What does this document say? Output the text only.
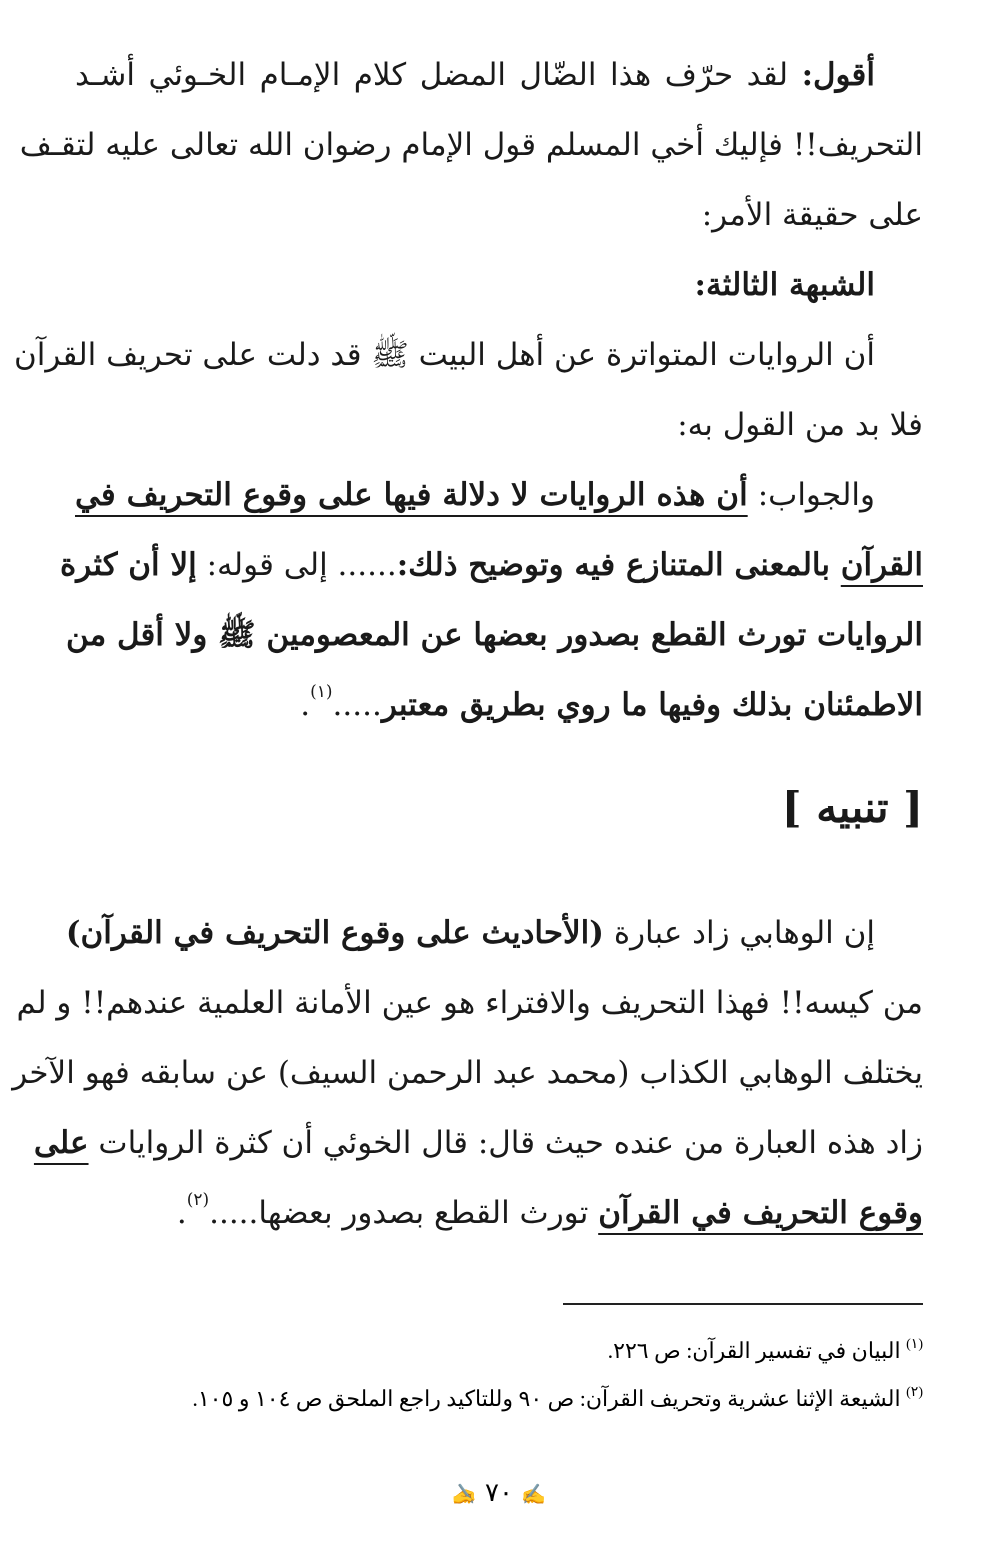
أقول: لقد حرّف هذا الضّال المضل كلام الإمـام الخـوئي أشـد
التحريف!! فإليك أخي المسلم قول الإمام رضوان الله تعالى عليه لتقـف
على حقيقة الأمر:
الشبهة الثالثة:
أن الروايات المتواترة عن أهل البيت ﷺ قد دلت على تحريف القرآن
فلا بد من القول به:
والجواب: أن هذه الروايات لا دلالة فيها على وقوع التحريف في
القرآن بالمعنى المتنازع فيه وتوضيح ذلك:...... إلى قوله: إلا أن كثرة
الروايات تورث القطع بصدور بعضها عن المعصومين ﷺ ولا أقل من
الاطمئنان بذلك وفيها ما روي بطريق معتبر.....$^{(١)}$.
[ تنبيه ]
إن الوهابي زاد عبارة (الأحاديث على وقوع التحريف في القرآن)
من كيسه!! فهذا التحريف والافتراء هو عين الأمانة العلمية عندهم!! و لم
يختلف الوهابي الكذاب (محمد عبد الرحمن السيف) عن سابقه فهو الآخر
زاد هذه العبارة من عنده حيث قال: قال الخوئي أن كثرة الروايات على
وقوع التحريف في القرآن تورث القطع بصدور بعضها.....$^{(٢)}$.
$^{(١)}$ البيان في تفسير القرآن: ص ٢٢٦.
$^{(٢)}$ الشيعة الإثنا عشرية وتحريف القرآن: ص ٩٠ وللتاكيد راجع الملحق ص ١٠٤ و ١٠٥.
✍ ٧٠ ✍
